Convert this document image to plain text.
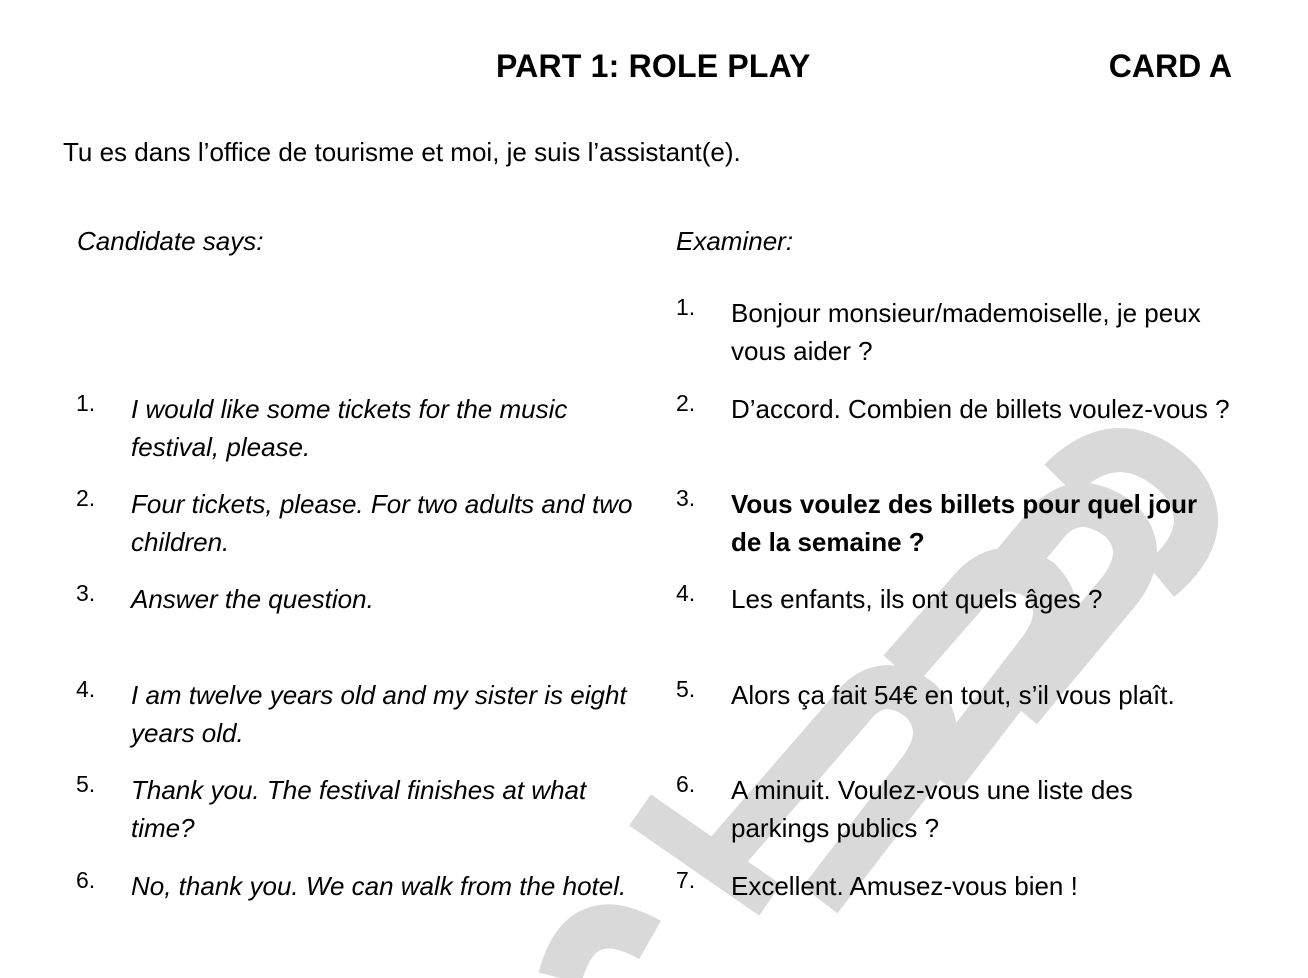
PART 1: ROLE PLAY	CARD A
Tu es dans l’office de tourisme et moi, je suis l’assistant(e).
Candidate says:	Examiner:
1. I would like some tickets for the music festival, please.
2. Four tickets, please. For two adults and two children.
3. Answer the question.
4. I am twelve years old and my sister is eight years old.
5. Thank you. The festival finishes at what time?
6. No, thank you. We can walk from the hotel.
1. Bonjour monsieur/mademoiselle, je peux vous aider ?
2. D’accord. Combien de billets voulez-vous ?
3. Vous voulez des billets pour quel jour de la semaine ?
4. Les enfants, ils ont quels âges ?
5. Alors ça fait 54€ en tout, s’il vous plaît.
6. A minuit. Voulez-vous une liste des parkings publics ?
7. Excellent. Amusez-vous bien !
